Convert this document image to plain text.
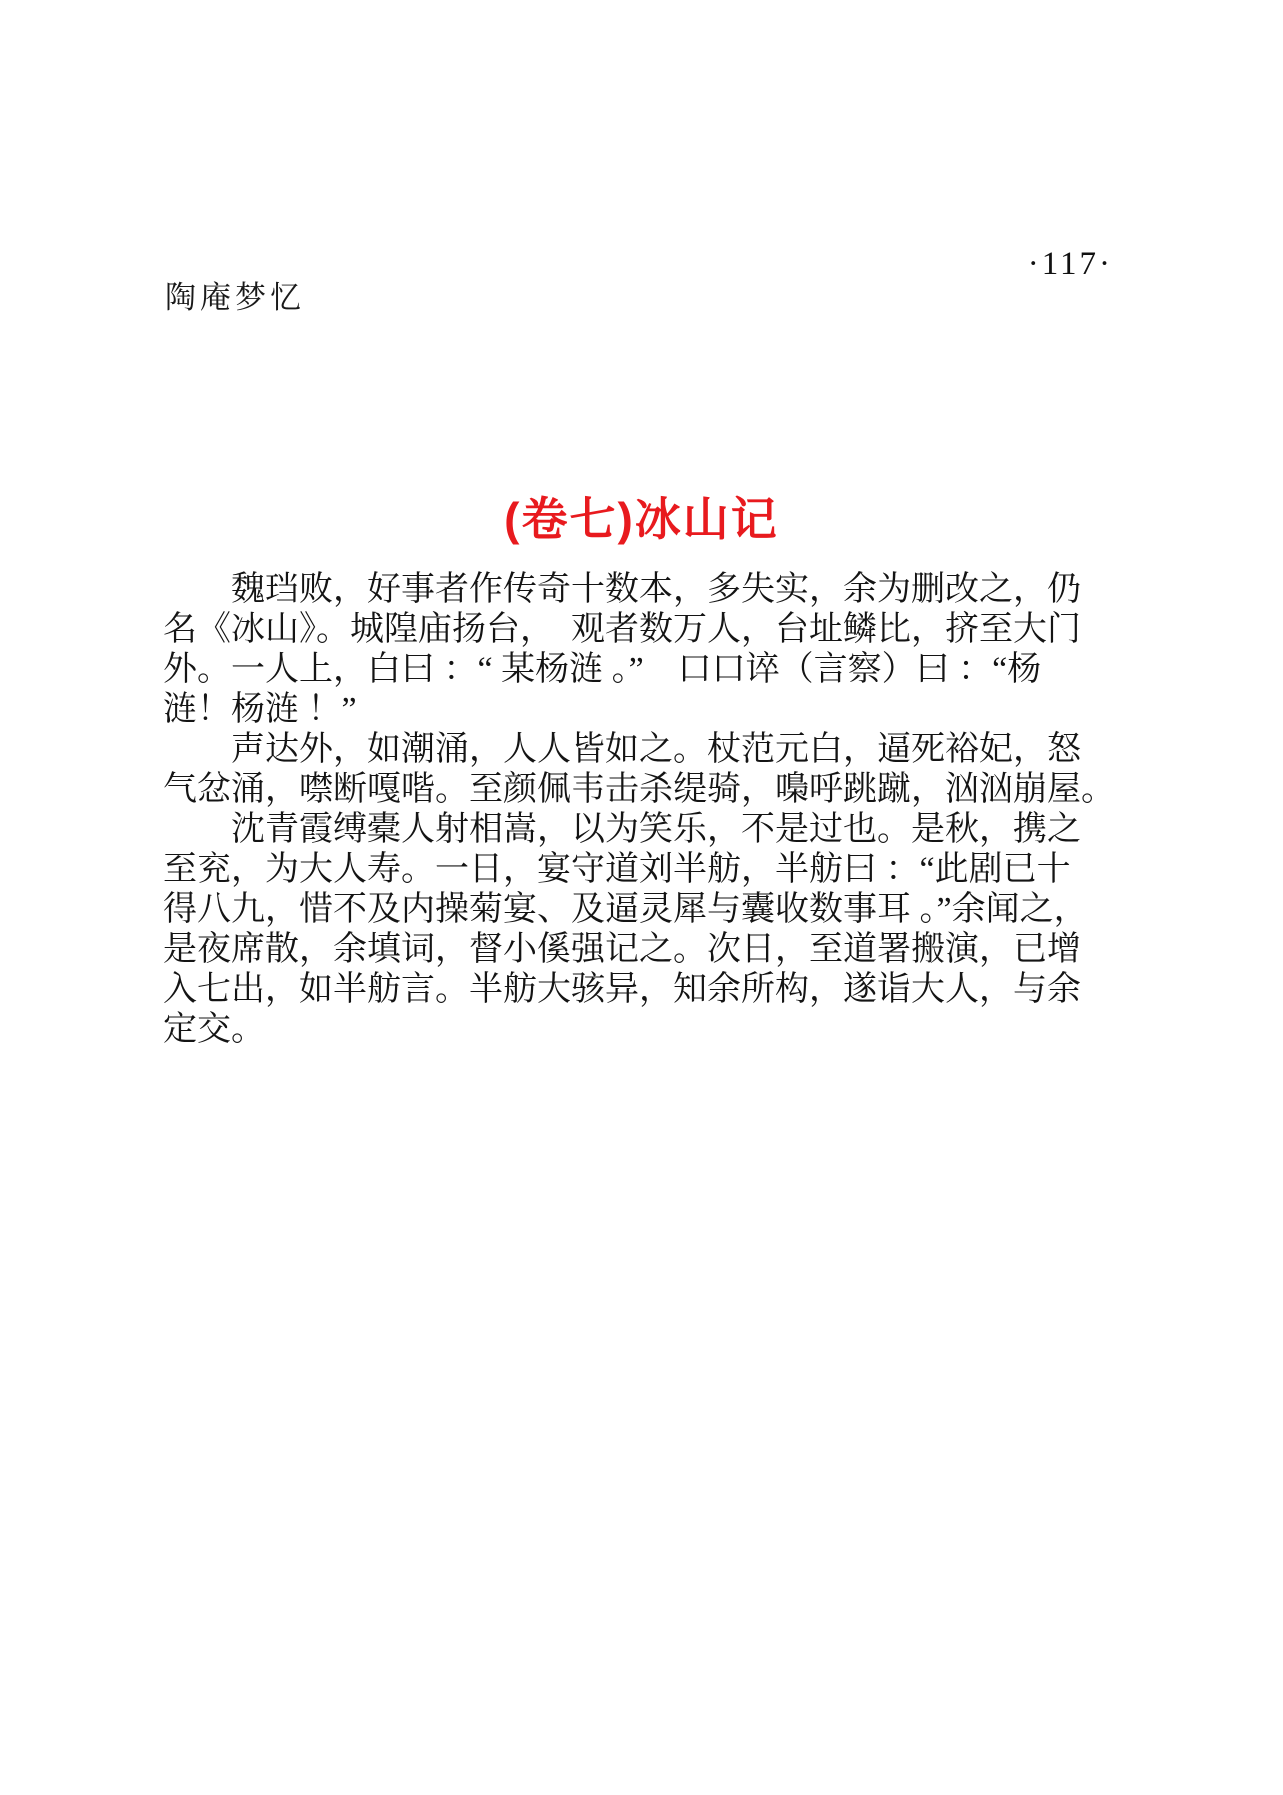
陶庵梦忆
·117·
(卷七)冰山记
魏珰败，好事者作传奇十数本，多失实，余为删改之，仍
名《冰山》。城隍庙扬台，　观者数万人，台址鳞比，挤至大门
外。一人上，白曰 ：“ 某杨涟 。”　口口谇（言察）曰 ：“杨
涟！杨涟 ！”
声达外，如潮涌，人人皆如之。杖范元白，逼死裕妃，怒
气忿涌，噤断嘎喈。至颜佩韦击杀缇骑，嘄呼跳蹴，汹汹崩屋。
沈青霞缚橐人射相嵩，以为笑乐，不是过也。是秋，携之
至兖，为大人寿。一日，宴守道刘半舫，半舫曰 ：“此剧已十
得八九，惜不及内操菊宴、及逼灵犀与囊收数事耳 。”余闻之，
是夜席散，余填词，督小傒强记之。次日，至道署搬演，已增
入七出，如半舫言。半舫大骇异，知余所构，遂诣大人，与余
定交。
